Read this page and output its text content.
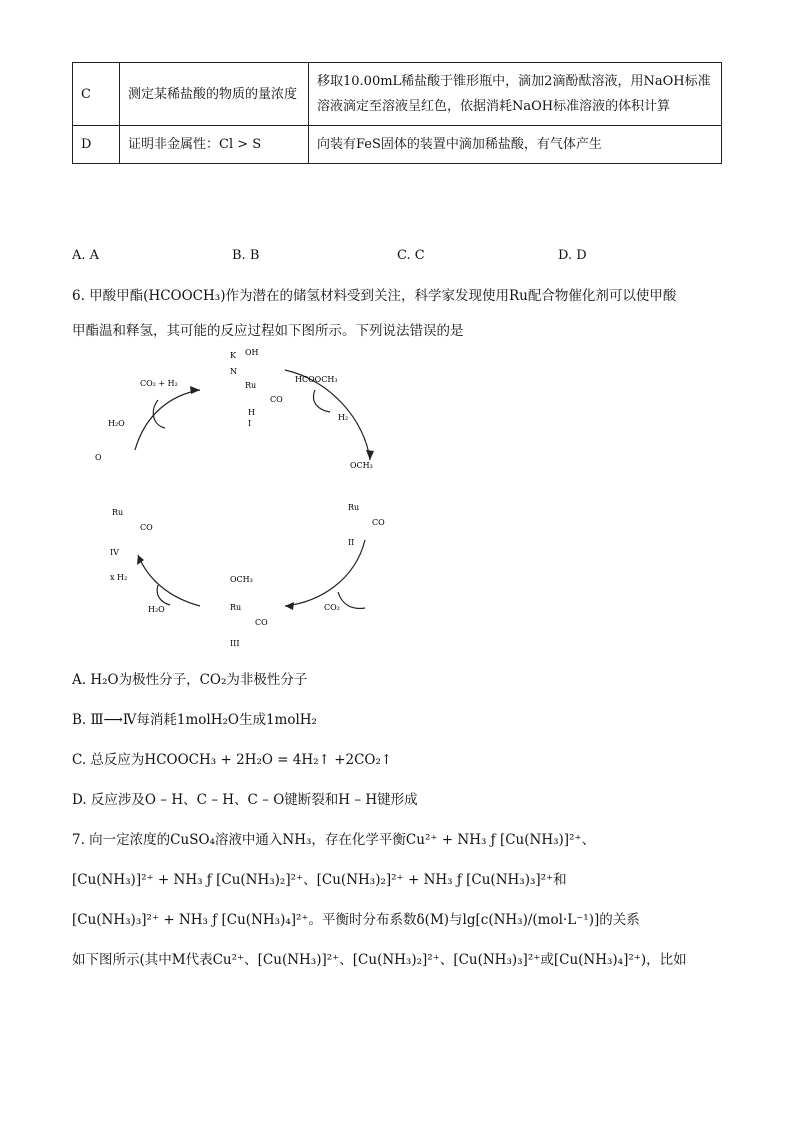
C	测定某稀盐酸的物质的量浓度	移取10.00mL稀盐酸于锥形瓶中，滴加2滴酚酞溶液，用NaOH标准溶液滴定至溶液呈红色，依据消耗NaOH标准溶液的体积计算
D	证明非金属性：Cl > S	向装有FeS固体的装置中滴加稀盐酸，有气体产生
A. A	B. B	C. C	D. D
6. 甲酸甲酯(HCOOCH₃)作为潜在的储氢材料受到关注，科学家发现使用Ru配合物催化剂可以使甲酸
甲酯温和释氢，其可能的反应过程如下图所示。下列说法错误的是
K OH
N
Ru
CO
H
I
HCOOCH₃
H₂
CO₂ + H₂
H₂O
OCH₃
Ru
CO
II
CO₂
OCH₃
Ru
CO
III
H₂O
x H₂
O
Ru
CO
IV
A. H₂O为极性分子，CO₂为非极性分子
B. Ⅲ⟶Ⅳ每消耗1molH₂O生成1molH₂
C. 总反应为HCOOCH₃ + 2H₂O = 4H₂↑ +2CO₂↑
D. 反应涉及O – H、C – H、C – O键断裂和H – H键形成
7. 向一定浓度的CuSO₄溶液中通入NH₃，存在化学平衡Cu²⁺ + NH₃ ƒ [Cu(NH₃)]²⁺、
[Cu(NH₃)]²⁺ + NH₃ ƒ [Cu(NH₃)₂]²⁺、[Cu(NH₃)₂]²⁺ + NH₃ ƒ [Cu(NH₃)₃]²⁺和
[Cu(NH₃)₃]²⁺ + NH₃ ƒ [Cu(NH₃)₄]²⁺。平衡时分布系数δ(M)与lg[c(NH₃)/(mol·L⁻¹)]的关系
如下图所示(其中M代表Cu²⁺、[Cu(NH₃)]²⁺、[Cu(NH₃)₂]²⁺、[Cu(NH₃)₃]²⁺或[Cu(NH₃)₄]²⁺)，比如
